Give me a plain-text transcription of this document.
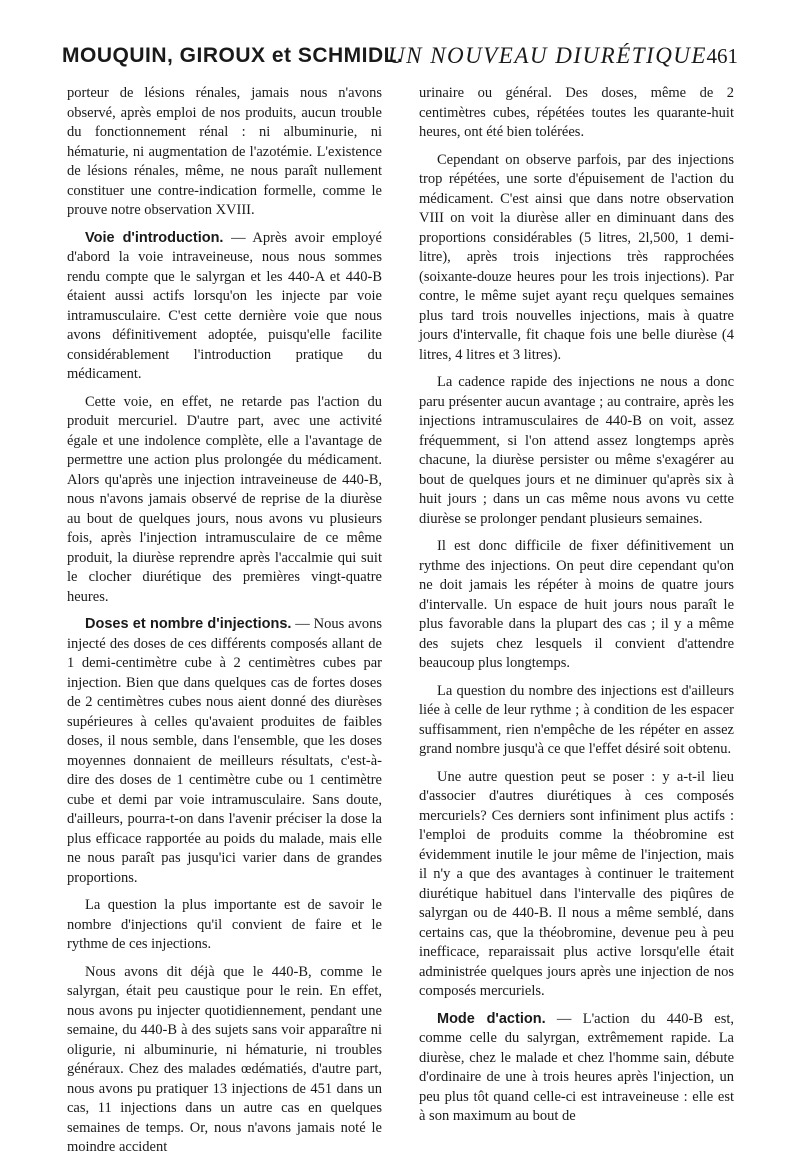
MOUQUIN, GIROUX et SCHMIDL.
UN NOUVEAU DIURÉTIQUE 461

porteur de lésions rénales, jamais nous n'avons observé, après emploi de nos produits, aucun trouble du fonctionnement rénal : ni albuminurie, ni hématurie, ni augmentation de l'azotémie. L'existence de lésions rénales, même, ne nous paraît nullement constituer une contre-indication formelle, comme le prouve notre observation XVIII.

Voie d'introduction. — Après avoir employé d'abord la voie intraveineuse, nous nous sommes rendu compte que le salyrgan et les 440-A et 440-B étaient aussi actifs lorsqu'on les injecte par voie intramusculaire. C'est cette dernière voie que nous avons définitivement adoptée, puisqu'elle facilite considérablement l'introduction pratique du médicament.

Cette voie, en effet, ne retarde pas l'action du produit mercuriel. D'autre part, avec une activité égale et une indolence complète, elle a l'avantage de permettre une action plus prolongée du médicament. Alors qu'après une injection intraveineuse de 440-B, nous n'avons jamais observé de reprise de la diurèse au bout de quelques jours, nous avons vu plusieurs fois, après l'injection intramusculaire de ce même produit, la diurèse reprendre après l'accalmie qui suit le clocher diurétique des premières vingt-quatre heures.

Doses et nombre d'injections. — Nous avons injecté des doses de ces différents composés allant de 1 demi-centimètre cube à 2 centimètres cubes par injection. Bien que dans quelques cas de fortes doses de 2 centimètres cubes nous aient donné des diurèses supérieures à celles qu'avaient produites de faibles doses, il nous semble, dans l'ensemble, que les doses moyennes donnaient de meilleurs résultats, c'est-à-dire des doses de 1 centimètre cube ou 1 centimètre cube et demi par voie intramusculaire. Sans doute, d'ailleurs, pourra-t-on dans l'avenir préciser la dose la plus efficace rapportée au poids du malade, mais elle ne nous paraît pas jusqu'ici varier dans de grandes proportions.

La question la plus importante est de savoir le nombre d'injections qu'il convient de faire et le rythme de ces injections.

Nous avons dit déjà que le 440-B, comme le salyrgan, était peu caustique pour le rein. En effet, nous avons pu injecter quotidiennement, pendant une semaine, du 440-B à des sujets sans voir apparaître ni oligurie, ni albuminurie, ni hématurie, ni troubles généraux. Chez des malades œdématiés, d'autre part, nous avons pu pratiquer 13 injections de 451 dans un cas, 11 injections dans un autre cas en quelques semaines de temps. Or, nous n'avons jamais noté le moindre accident

urinaire ou général. Des doses, même de 2 centimètres cubes, répétées toutes les quarante-huit heures, ont été bien tolérées.

Cependant on observe parfois, par des injections trop répétées, une sorte d'épuisement de l'action du médicament. C'est ainsi que dans notre observation VIII on voit la diurèse aller en diminuant dans des proportions considérables (5 litres, 2l,500, 1 demi-litre), après trois injections très rapprochées (soixante-douze heures pour les trois injections). Par contre, le même sujet ayant reçu quelques semaines plus tard trois nouvelles injections, mais à quatre jours d'intervalle, fit chaque fois une belle diurèse (4 litres, 4 litres et 3 litres).

La cadence rapide des injections ne nous a donc paru présenter aucun avantage ; au contraire, après les injections intramusculaires de 440-B on voit, assez fréquemment, si l'on attend assez longtemps après chacune, la diurèse persister ou même s'exagérer au bout de quelques jours et ne diminuer qu'après six à huit jours ; dans un cas même nous avons vu cette diurèse se prolonger pendant plusieurs semaines.

Il est donc difficile de fixer définitivement un rythme des injections. On peut dire cependant qu'on ne doit jamais les répéter à moins de quatre jours d'intervalle. Un espace de huit jours nous paraît le plus favorable dans la plupart des cas ; il y a même des sujets chez lesquels il convient d'attendre beaucoup plus longtemps.

La question du nombre des injections est d'ailleurs liée à celle de leur rythme ; à condition de les espacer suffisamment, rien n'empêche de les répéter en assez grand nombre jusqu'à ce que l'effet désiré soit obtenu.

Une autre question peut se poser : y a-t-il lieu d'associer d'autres diurétiques à ces composés mercuriels? Ces derniers sont infiniment plus actifs : l'emploi de produits comme la théobromine est évidemment inutile le jour même de l'injection, mais il n'y a que des avantages à continuer le traitement diurétique habituel dans l'intervalle des piqûres de salyrgan ou de 440-B. Il nous a même semblé, dans certains cas, que la théobromine, devenue peu à peu inefficace, reparaissait plus active lorsqu'elle était administrée quelques jours après une injection de nos composés mercuriels.

Mode d'action. — L'action du 440-B est, comme celle du salyrgan, extrêmement rapide. La diurèse, chez le malade et chez l'homme sain, débute d'ordinaire de une à trois heures après l'injection, un peu plus tôt quand celle-ci est intraveineuse : elle est à son maximum au bout de
